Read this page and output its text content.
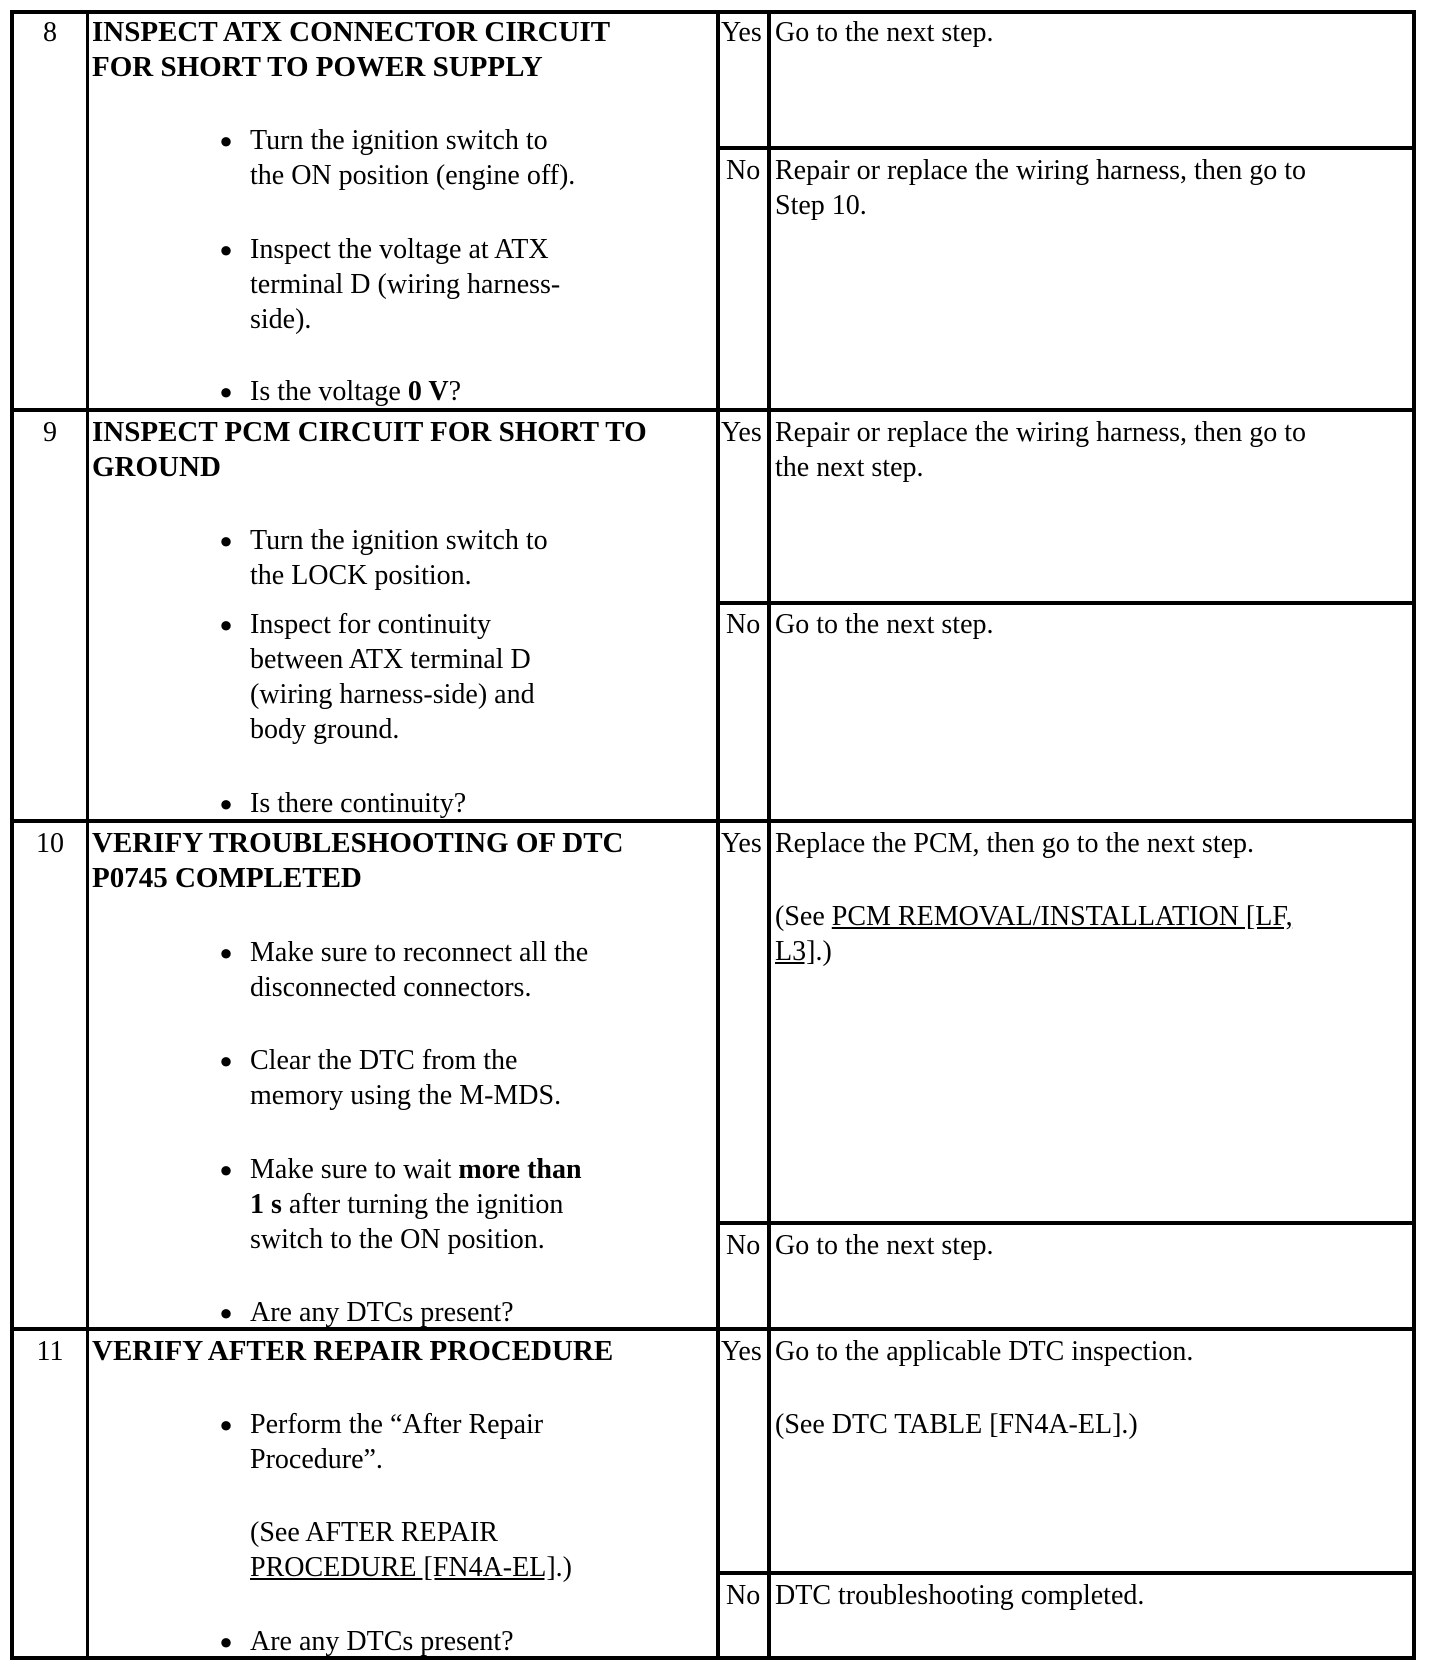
8	INSPECT ATX CONNECTOR CIRCUIT
FOR SHORT TO POWER SUPPLY
● Turn the ignition switch to
the ON position (engine off).
● Inspect the voltage at ATX
terminal D (wiring harness-
side).
● Is the voltage 0 V?
Yes Go to the next step.
No Repair or replace the wiring harness, then go to
Step 10.
9	INSPECT PCM CIRCUIT FOR SHORT TO
GROUND
● Turn the ignition switch to
the LOCK position.
● Inspect for continuity
between ATX terminal D
(wiring harness-side) and
body ground.
● Is there continuity?
Yes Repair or replace the wiring harness, then go to
the next step.
No Go to the next step.
10 VERIFY TROUBLESHOOTING OF DTC
P0745 COMPLETED
● Make sure to reconnect all the
disconnected connectors.
● Clear the DTC from the
memory using the M-MDS.
● Make sure to wait more than
1 s after turning the ignition
switch to the ON position.
● Are any DTCs present?
Yes Replace the PCM, then go to the next step.
(See PCM REMOVAL/INSTALLATION [LF,
L3].)
No Go to the next step.
11 VERIFY AFTER REPAIR PROCEDURE
● Perform the “After Repair
Procedure”.
(See AFTER REPAIR
PROCEDURE [FN4A-EL].)
● Are any DTCs present?
Yes Go to the applicable DTC inspection.
(See DTC TABLE [FN4A-EL].)
No DTC troubleshooting completed.
